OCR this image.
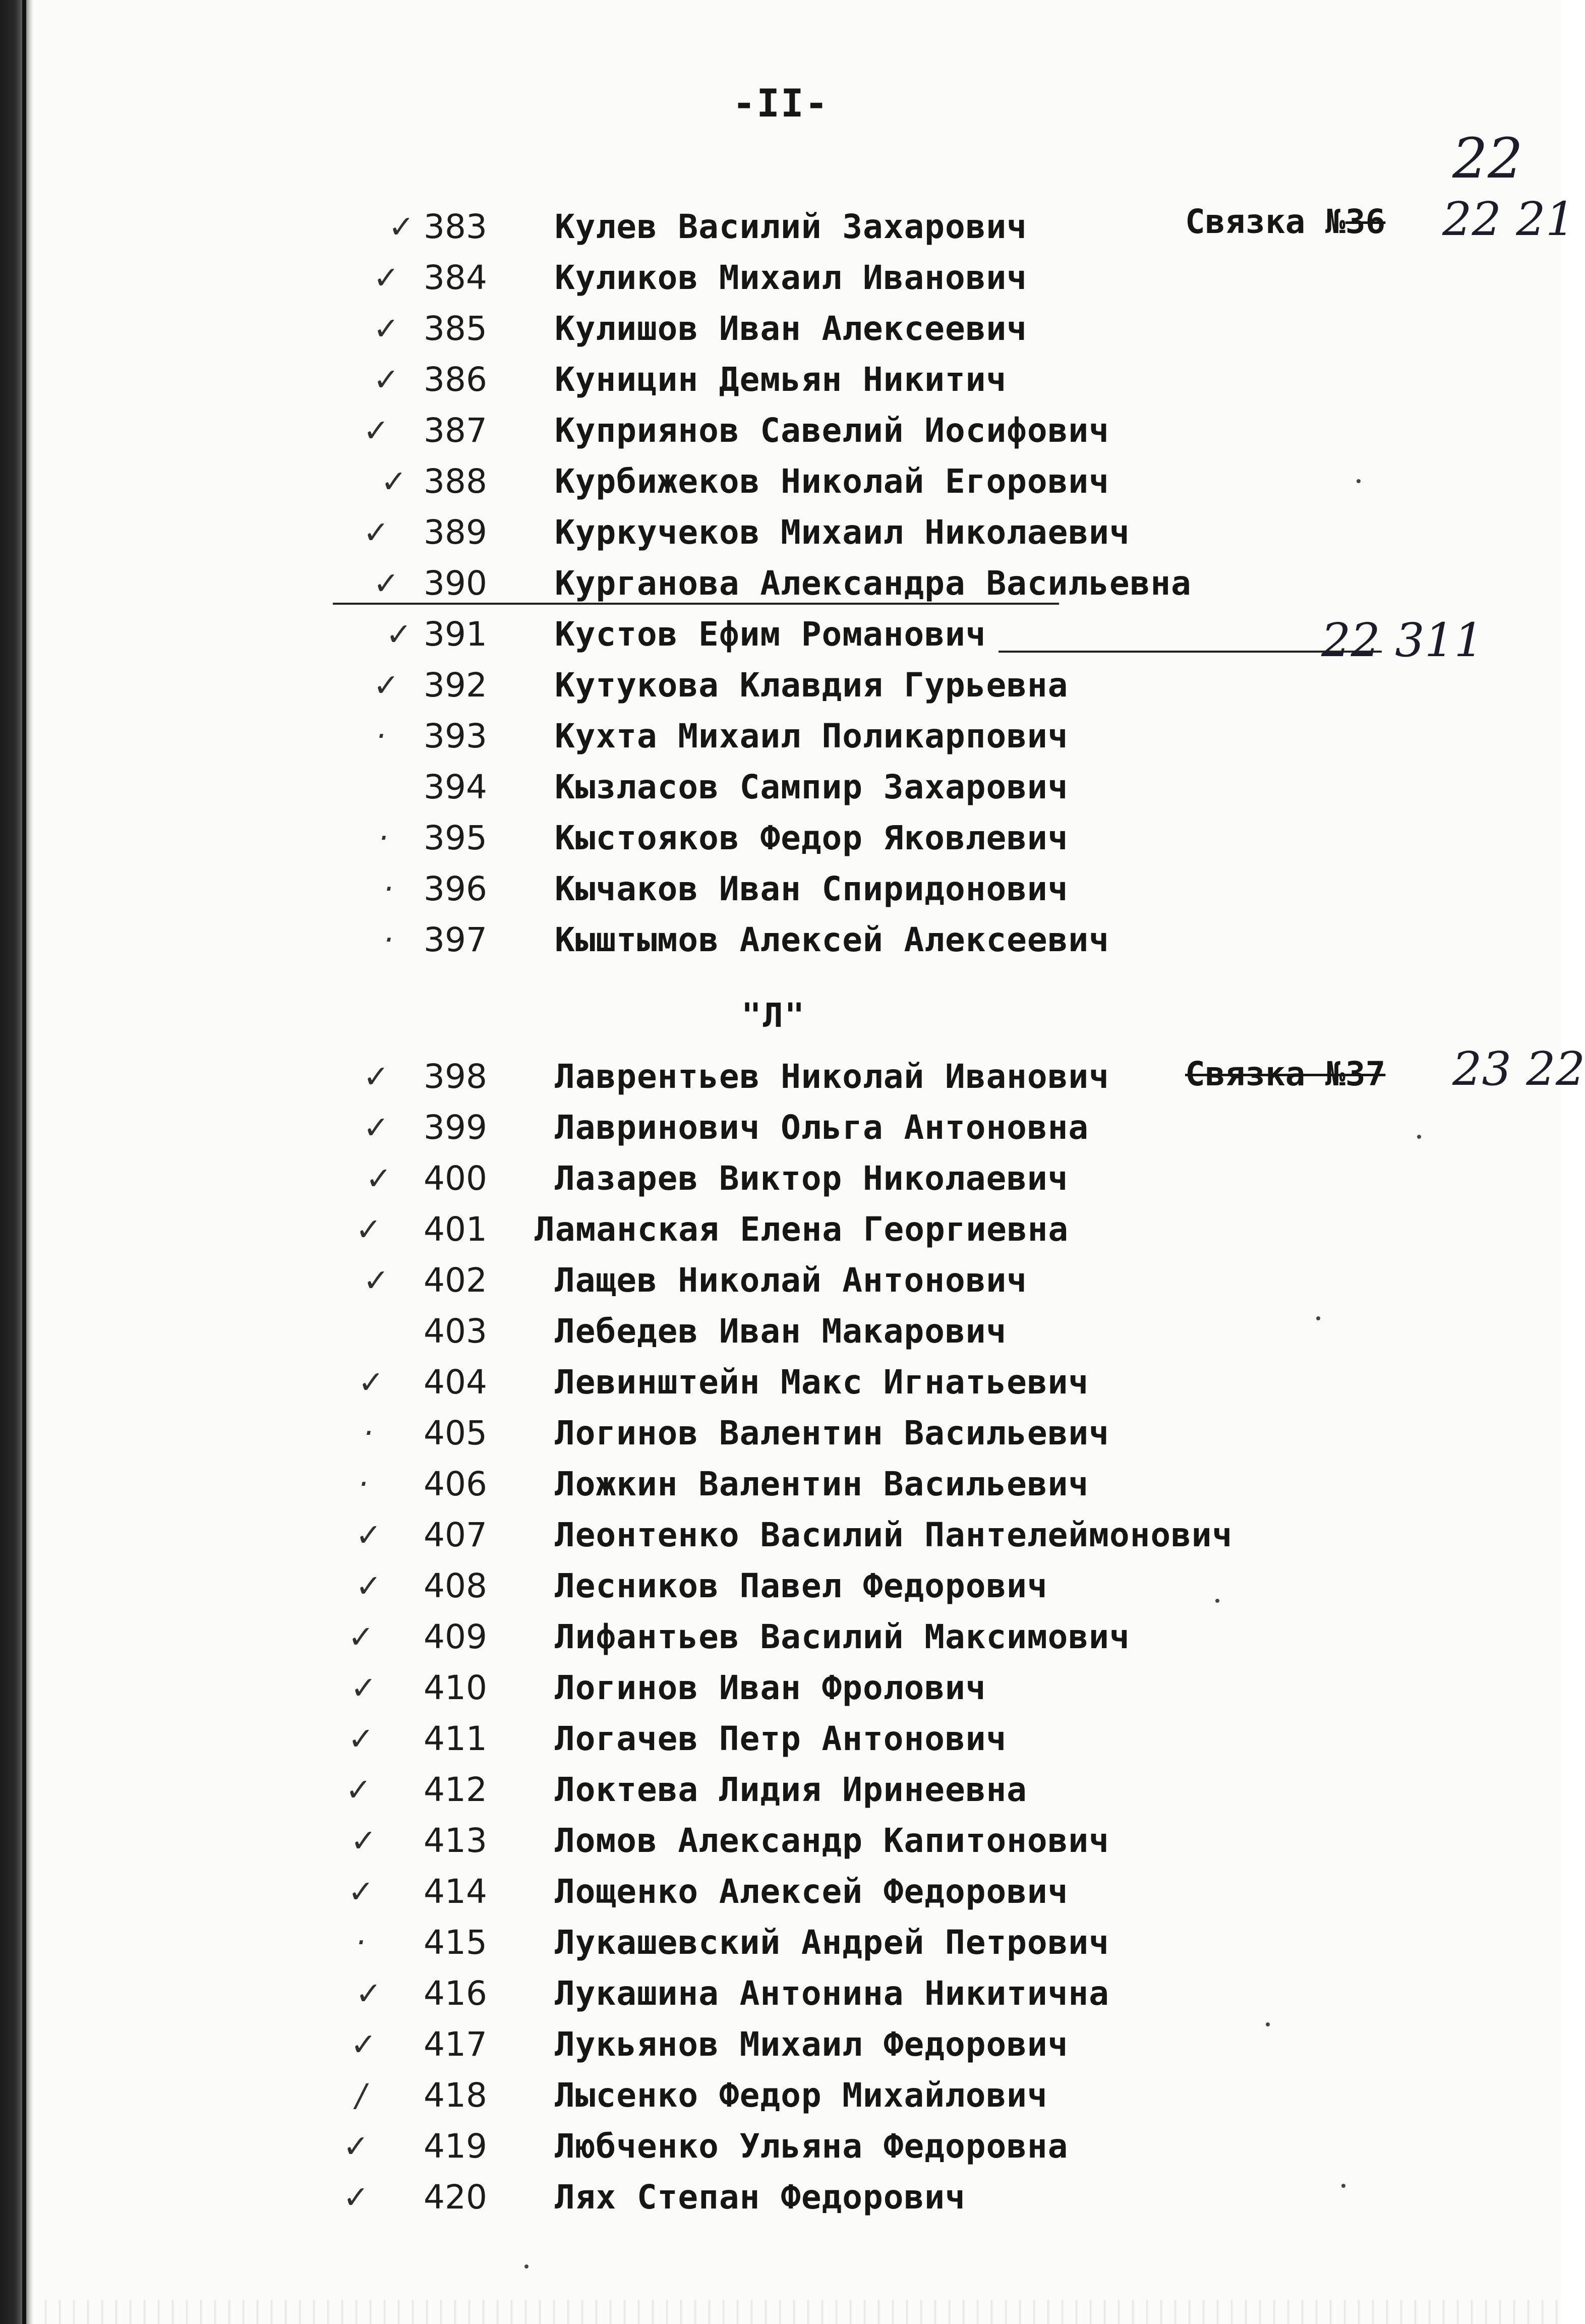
-II-
22
✓ 383	Кулев Василий Захарович
✓ 384	Куликов Михаил Иванович
✓ 385	Кулишов Иван Алексеевич
✓ 386	Куницин Демьян Никитич
✓ 387	Куприянов Савелий Иосифович
✓ 388	Курбижеков Николай Егорович
✓ 389	Куркучеков Михаил Николаевич
✓ 390	Курганова Александра Васильевна
✓ 391	Кустов Ефим Романович
✓ 392	Кутукова Клавдия Гурьевна
· 393	Кухта Михаил Поликарпович
394	Кызласов Сампир Захарович
· 395	Кыстояков Федор Яковлевич
· 396	Кычаков Иван Спиридонович
· 397	Кыштымов Алексей Алексеевич
✓ 398	Лаврентьев Николай Иванович
✓ 399	Лавринович Ольга Антоновна
✓ 400	Лазарев Виктор Николаевич
✓ 401	Ламанская Елена Георгиевна
✓ 402	Лащев Николай Антонович
403	Лебедев Иван Макарович
✓ 404	Левинштейн Макс Игнатьевич
· 405	Логинов Валентин Васильевич
· 406	Ложкин Валентин Васильевич
✓ 407	Леонтенко Василий Пантелеймонович
✓ 408	Лесников Павел Федорович
✓ 409	Лифантьев Василий Максимович
✓ 410	Логинов Иван Фролович
✓ 411	Логачев Петр Антонович
✓ 412	Локтева Лидия Иринеевна
✓ 413	Ломов Александр Капитонович
✓ 414	Лощенко Алексей Федорович
· 415	Лукашевский Андрей Петрович
✓ 416	Лукашина Антонина Никитична
✓ 417	Лукьянов Михаил Федорович
/ 418	Лысенко Федор Михайлович
✓ 419	Любченко Ульяна Федоровна
✓ 420	Лях Степан Федорович
"Л"
Связка №36 22 21
Связка №37 23 22
22 311
